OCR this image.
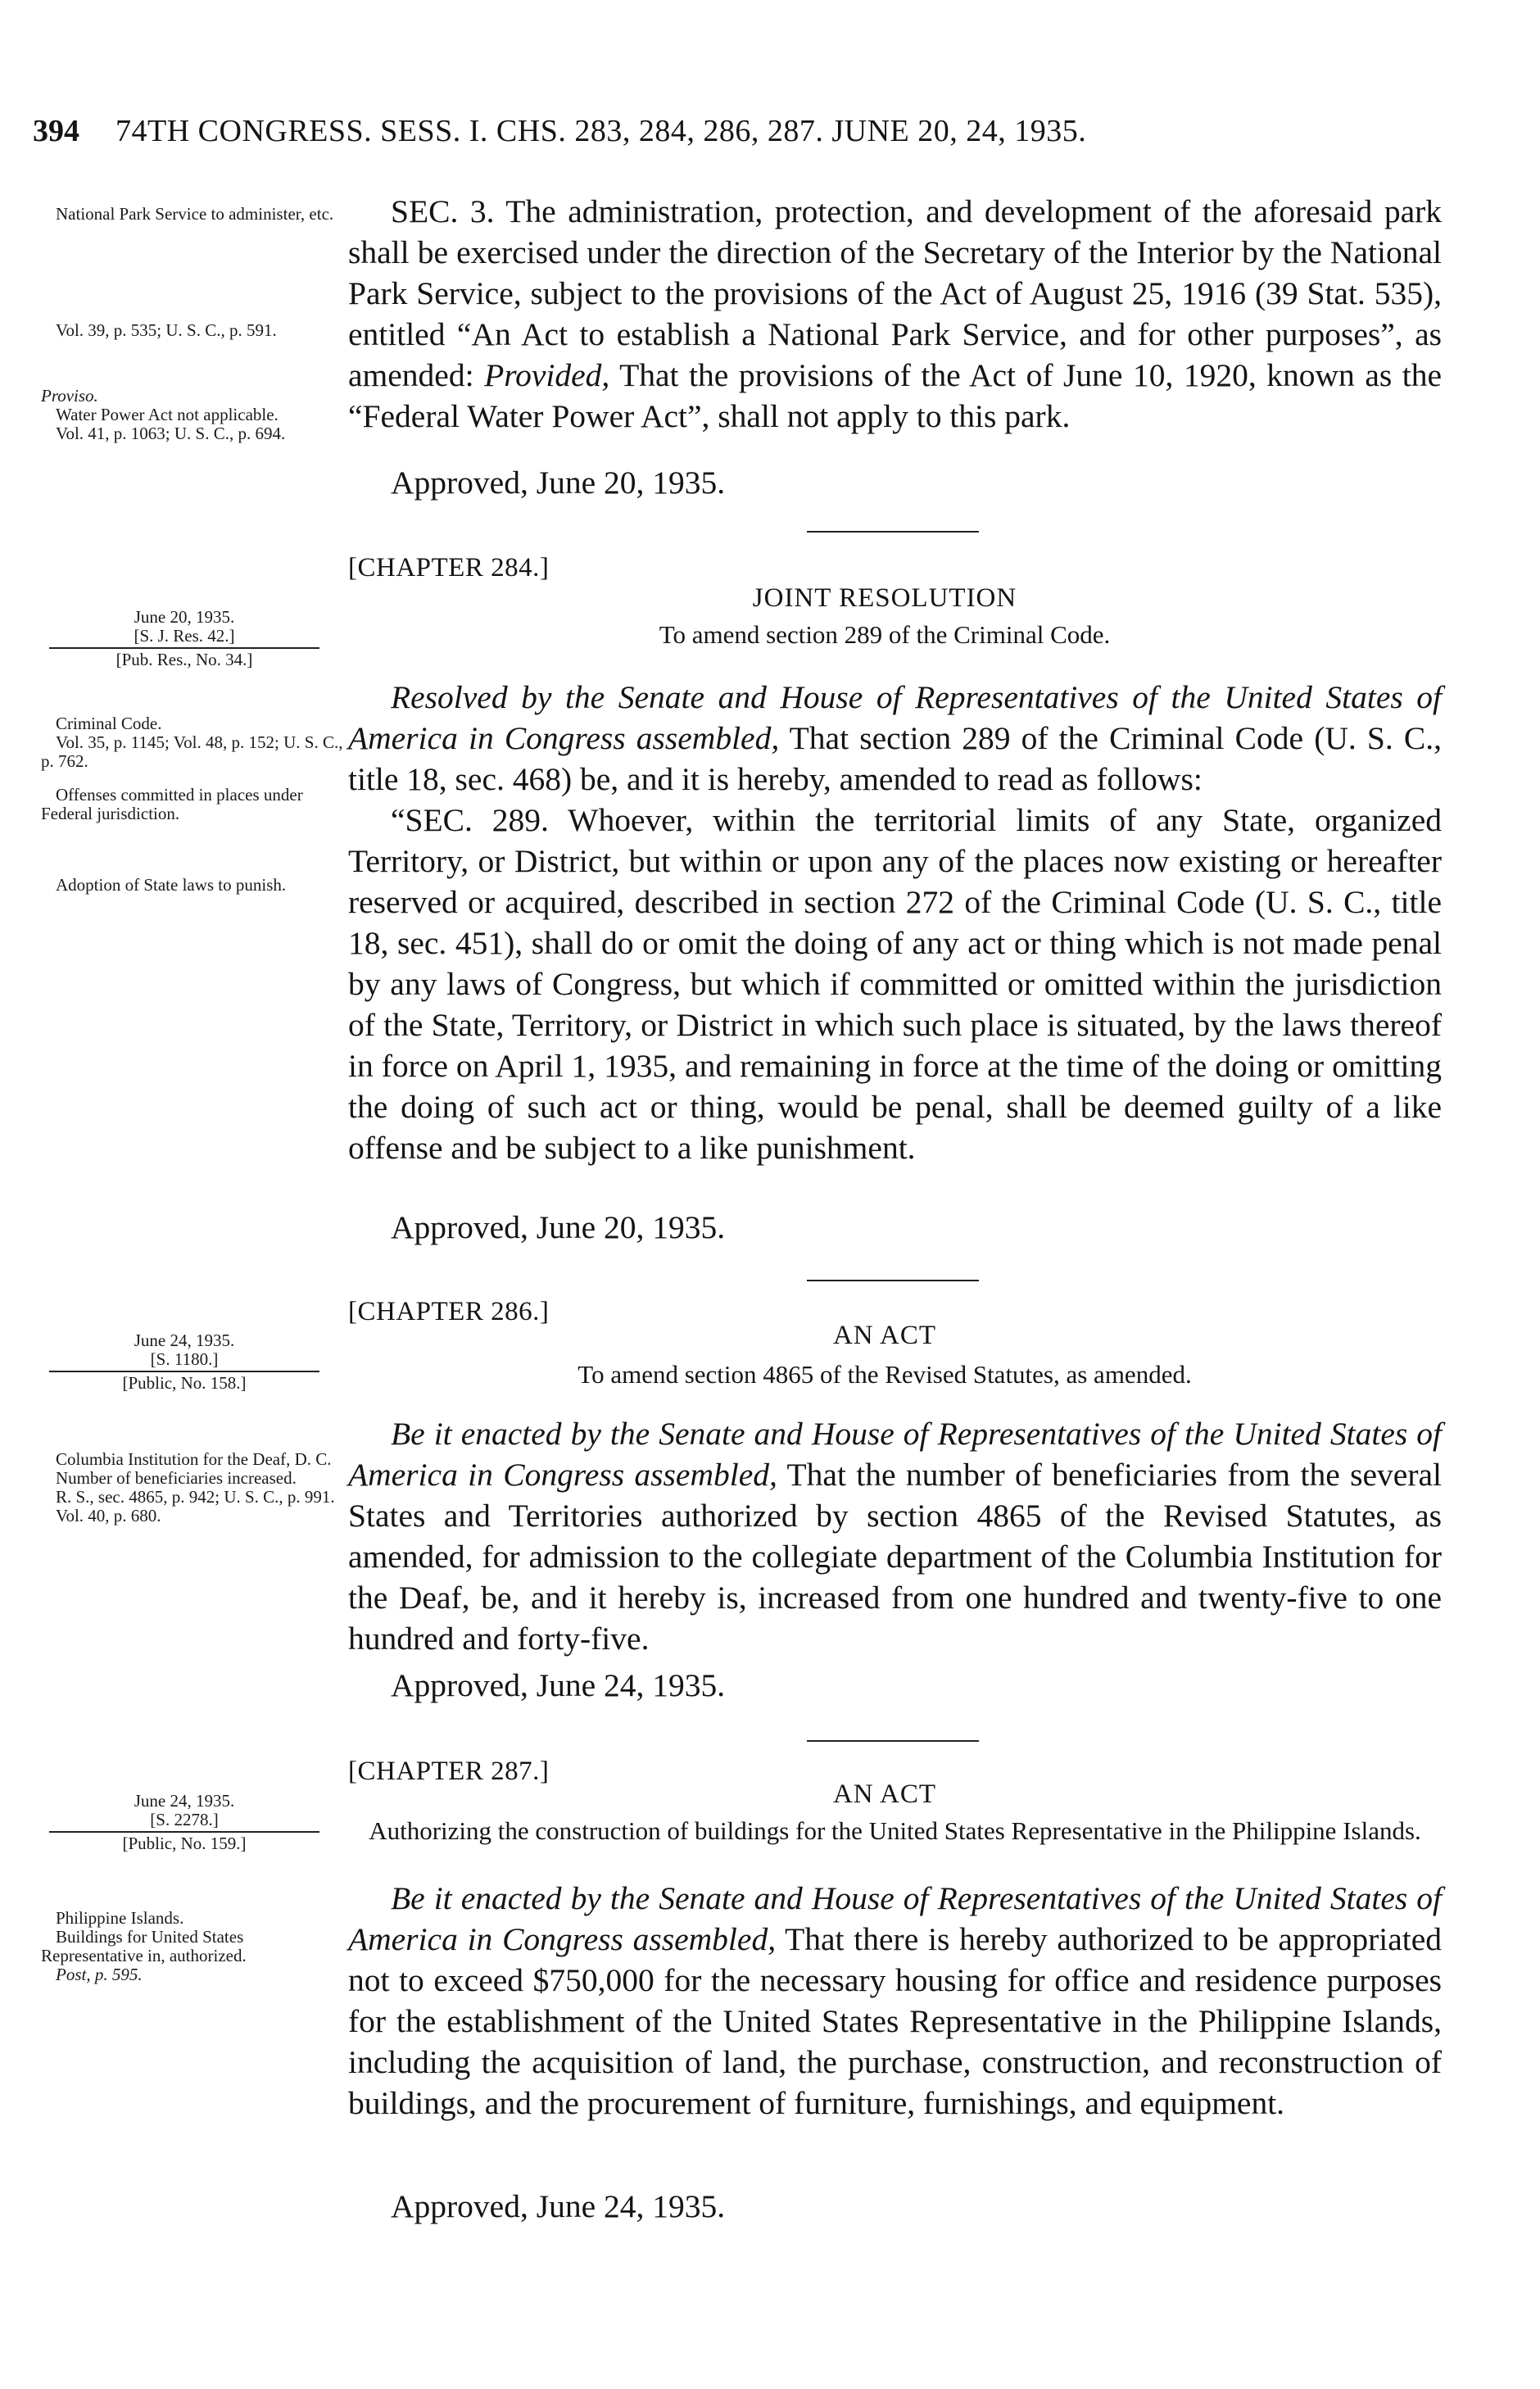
394 74TH CONGRESS. SESS. I. CHS. 283, 284, 286, 287. JUNE 20, 24, 1935.

National Park Service to administer, etc.

Vol. 39, p. 535; U. S. C., p. 591.

Proviso.

Water Power Act not applicable.

Vol. 41, p. 1063; U. S. C., p. 694.

SEC. 3. The administration, protection, and development of the aforesaid park shall be exercised under the direction of the Secretary of the Interior by the National Park Service, subject to the provisions of the Act of August 25, 1916 (39 Stat. 535), entitled “An Act to establish a National Park Service, and for other purposes”, as amended: Provided, That the provisions of the Act of June 10, 1920, known as the “Federal Water Power Act”, shall not apply to this park.

Approved, June 20, 1935.
[CHAPTER 284.]
JOINT RESOLUTION
To amend section 289 of the Criminal Code.

June 20, 1935.

[S. J. Res. 42.]

[Pub. Res., No. 34.]

Criminal Code.

Vol. 35, p. 1145; Vol. 48, p. 152; U. S. C., p. 762.

Offenses committed in places under Federal jurisdiction.

Adoption of State laws to punish.

Resolved by the Senate and House of Representatives of the United States of America in Congress assembled, That section 289 of the Criminal Code (U. S. C., title 18, sec. 468) be, and it is hereby, amended to read as follows:

“SEC. 289. Whoever, within the territorial limits of any State, organized Territory, or District, but within or upon any of the places now existing or hereafter reserved or acquired, described in section 272 of the Criminal Code (U. S. C., title 18, sec. 451), shall do or omit the doing of any act or thing which is not made penal by any laws of Congress, but which if committed or omitted within the jurisdiction of the State, Territory, or District in which such place is situated, by the laws thereof in force on April 1, 1935, and remaining in force at the time of the doing or omitting the doing of such act or thing, would be penal, shall be deemed guilty of a like offense and be subject to a like punishment.

Approved, June 20, 1935.
[CHAPTER 286.]
AN ACT
To amend section 4865 of the Revised Statutes, as amended.

June 24, 1935.

[S. 1180.]

[Public, No. 158.]

Columbia Institution for the Deaf, D. C.

Number of beneficiaries increased.

R. S., sec. 4865, p. 942; U. S. C., p. 991.

Vol. 40, p. 680.

Be it enacted by the Senate and House of Representatives of the United States of America in Congress assembled, That the number of beneficiaries from the several States and Territories authorized by section 4865 of the Revised Statutes, as amended, for admission to the collegiate department of the Columbia Institution for the Deaf, be, and it hereby is, increased from one hundred and twenty-five to one hundred and forty-five.

Approved, June 24, 1935.
[CHAPTER 287.]
AN ACT
Authorizing the construction of buildings for the United States Representative in the Philippine Islands.

June 24, 1935.

[S. 2278.]

[Public, No. 159.]

Philippine Islands.

Buildings for United States Representative in, authorized.

Post, p. 595.

Be it enacted by the Senate and House of Representatives of the United States of America in Congress assembled, That there is hereby authorized to be appropriated not to exceed $750,000 for the necessary housing for office and residence purposes for the establishment of the United States Representative in the Philippine Islands, including the acquisition of land, the purchase, construction, and reconstruction of buildings, and the procurement of furniture, furnishings, and equipment.

Approved, June 24, 1935.
